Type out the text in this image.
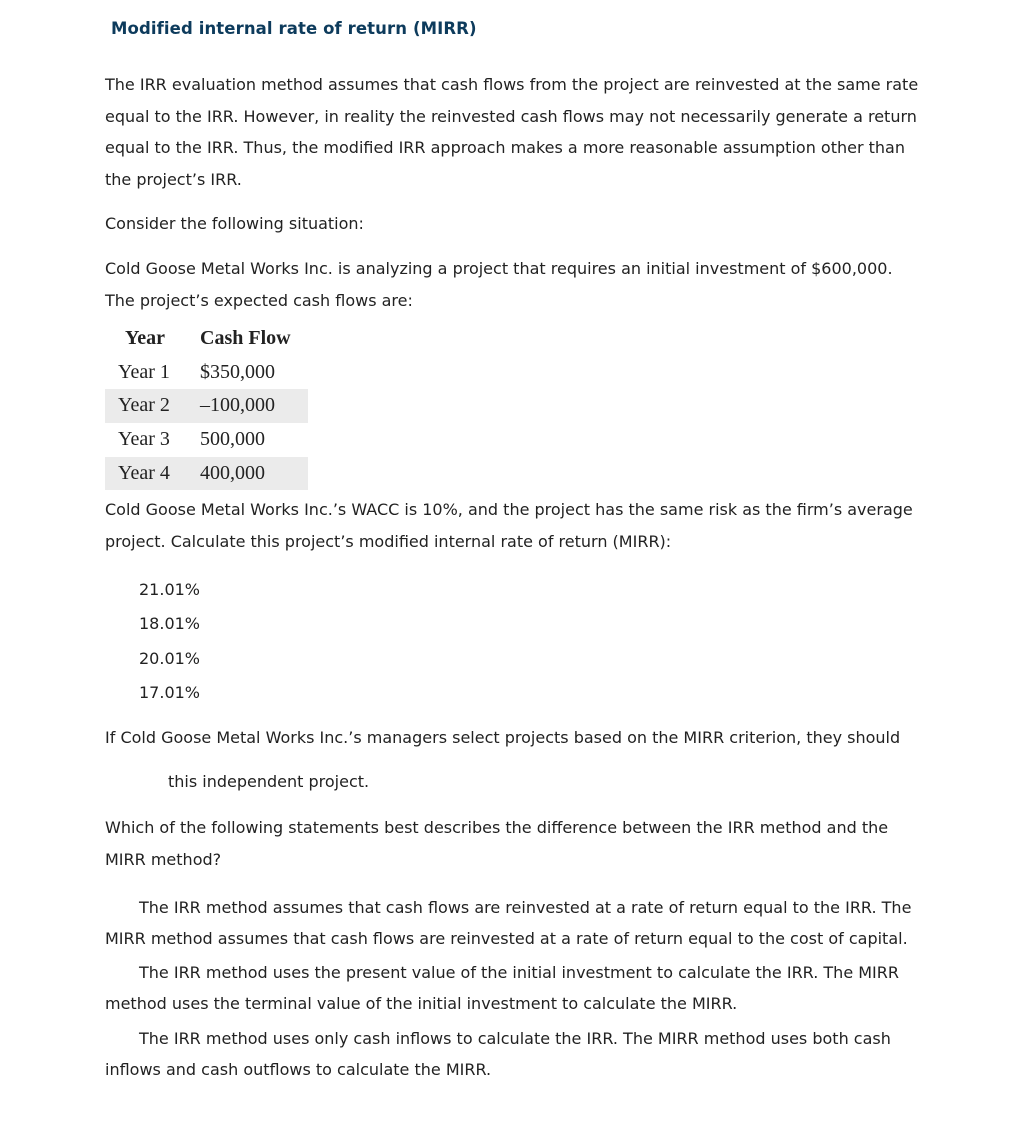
Modified internal rate of return (MIRR)

The IRR evaluation method assumes that cash flows from the project are reinvested at the same rate equal to the IRR. However, in reality the reinvested cash flows may not necessarily generate a return equal to the IRR. Thus, the modified IRR approach makes a more reasonable assumption other than the project’s IRR.

Consider the following situation:

Cold Goose Metal Works Inc. is analyzing a project that requires an initial investment of $600,000. The project’s expected cash flows are:

Year Cash Flow
Year 1 $350,000
Year 2 –100,000
Year 3 500,000
Year 4 400,000

Cold Goose Metal Works Inc.’s WACC is 10%, and the project has the same risk as the firm’s average project. Calculate this project’s modified internal rate of return (MIRR):

21.01%
18.01%
20.01%
17.01%

If Cold Goose Metal Works Inc.’s managers select projects based on the MIRR criterion, they should

this independent project.

Which of the following statements best describes the difference between the IRR method and the MIRR method?

The IRR method assumes that cash flows are reinvested at a rate of return equal to the IRR. The MIRR method assumes that cash flows are reinvested at a rate of return equal to the cost of capital.

The IRR method uses the present value of the initial investment to calculate the IRR. The MIRR method uses the terminal value of the initial investment to calculate the MIRR.

The IRR method uses only cash inflows to calculate the IRR. The MIRR method uses both cash inflows and cash outflows to calculate the MIRR.
